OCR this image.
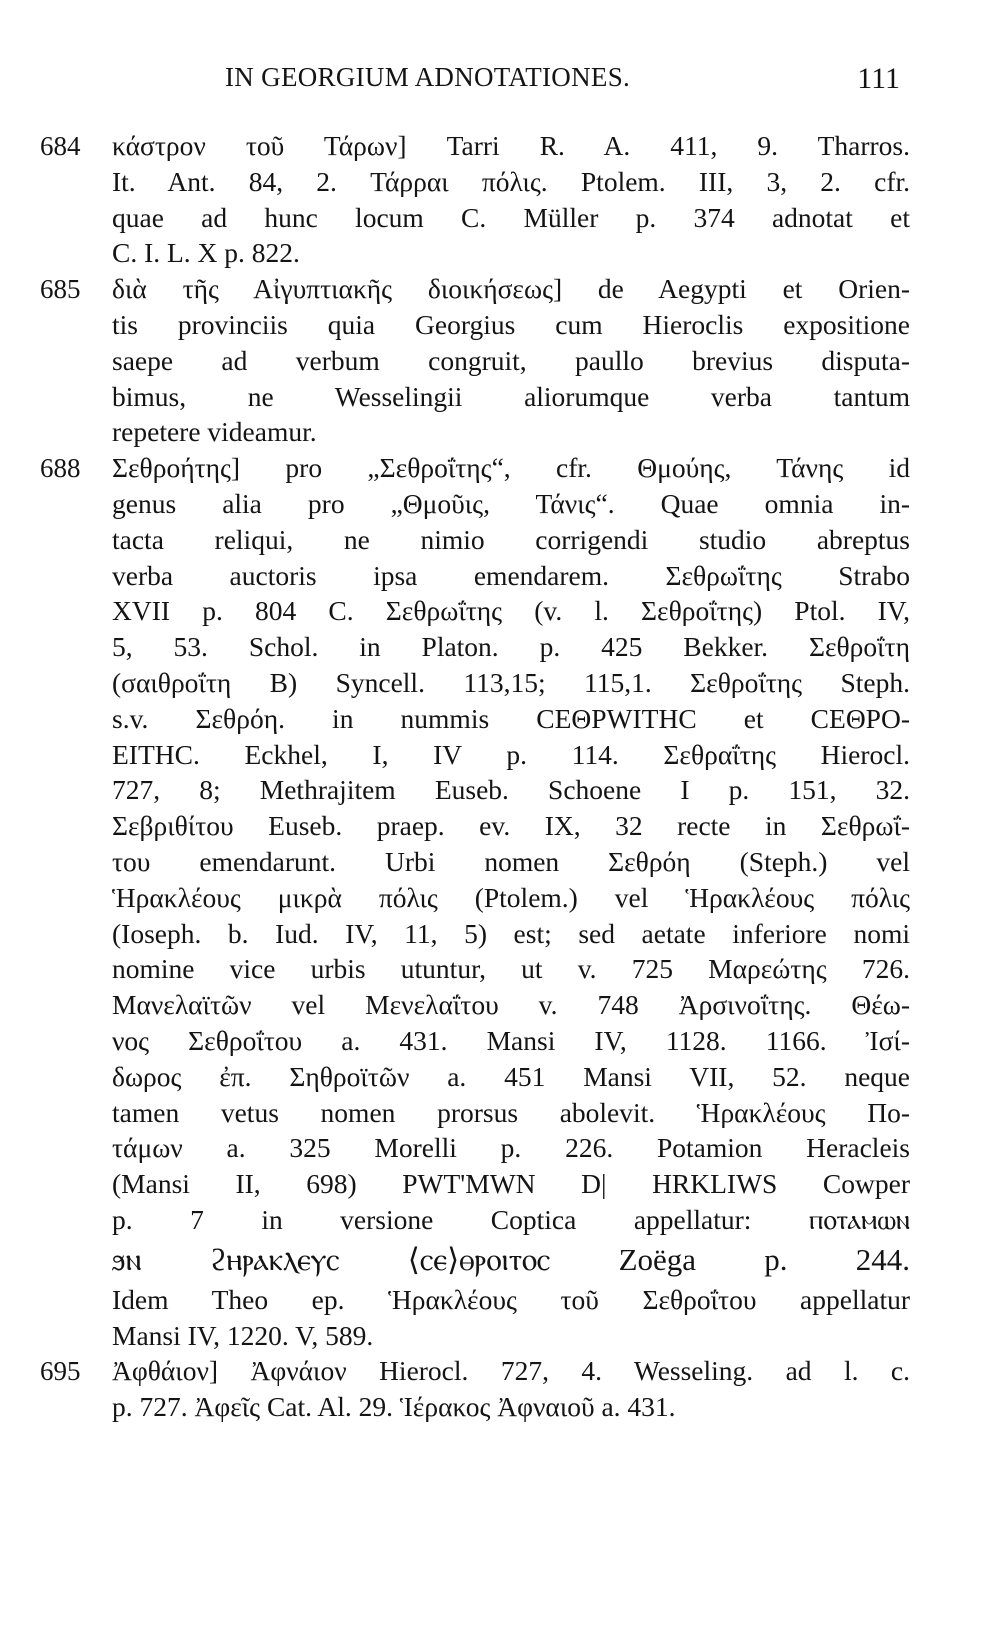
IN GEORGIUM ADNOTATIONES.	111
684	κάστρον τοῦ Τάρων] Tarri R. A. 411, 9. Tharros.
It. Ant. 84, 2. Τάρραι πόλις. Ptolem. III, 3, 2. cfr.
quae ad hunc locum C. Müller p. 374 adnotat et
C. I. L. X p. 822.
685	διὰ τῆς Αἰγυπτιακῆς διοικήσεως] de Aegypti et Orien-
tis provinciis quia Georgius cum Hieroclis expositione
saepe ad verbum congruit, paullo brevius disputa-
bimus, ne Wesselingii aliorumque verba tantum
repetere videamur.
688	Σεθροήτης] pro „Σεθροΐτης“, cfr. Θμούης, Τάνης id
genus alia pro „Θμοῦις, Τάνις“. Quae omnia in-
tacta reliqui, ne nimio corrigendi studio abreptus
verba auctoris ipsa emendarem. Σεθρωΐτης Strabo
XVII p. 804 C. Σεθρωΐτης (v. l. Σεθροΐτης) Ptol. IV,
5, 53. Schol. in Platon. p. 425 Bekker. Σεθροΐτη
(σαιθροΐτη B) Syncell. 113,15; 115,1. Σεθροΐτης Steph.
s.v. Σεθρόη. in nummis CEΘΡWITHC et CEΘΡO-
EITHC. Eckhel, I, IV p. 114. Σεθραΐτης Hierocl.
727, 8; Methrajitem Euseb. Schoene I p. 151, 32.
Σεβριθίτου Euseb. praep. ev. IX, 32 recte in Σεθρωΐ-
του emendarunt. Urbi nomen Σεθρόη (Steph.) vel
Ἡρακλέους μικρὰ πόλις (Ptolem.) vel Ἡρακλέους πόλις
(Ioseph. b. Iud. IV, 11, 5) est; sed aetate inferiore nomi
nomine vice urbis utuntur, ut v. 725 Μαρεώτης 726.
Μανελαϊτῶν vel Μενελαΐτου v. 748 Ἀρσινοΐτης. Θέω-
νος Σεθροΐτου a. 431. Mansi IV, 1128. 1166. Ἰσί-
δωρος ἐπ. Σηθροϊτῶν a. 451 Mansi VII, 52. neque
tamen vetus nomen prorsus abolevit. Ἡρακλέους Πο-
τάμων a. 325 Morelli p. 226. Potamion Heracleis
(Mansi II, 698) PWT'MWN D| HRKLIWS Cowper
p. 7 in versione Coptica appellatur: ⲡⲟⲧⲁⲙⲱⲛ
ϧⲛ ϩⲏⲣⲁⲕⲗⲉⲩⲥ ⟨ⲥⲉ⟩ⲑⲣⲟⲓⲧⲟⲥ Zoëga p. 244.
Idem Theo ep. Ἡρακλέους τοῦ Σεθροΐτου appellatur
Mansi IV, 1220. V, 589.
695	Ἀφθάιον] Ἀφνάιον Hierocl. 727, 4. Wesseling. ad l. c.
p. 727. Ἀφεῖς Cat. Al. 29. Ἱέρακος Ἀφναιοῦ a. 431.
